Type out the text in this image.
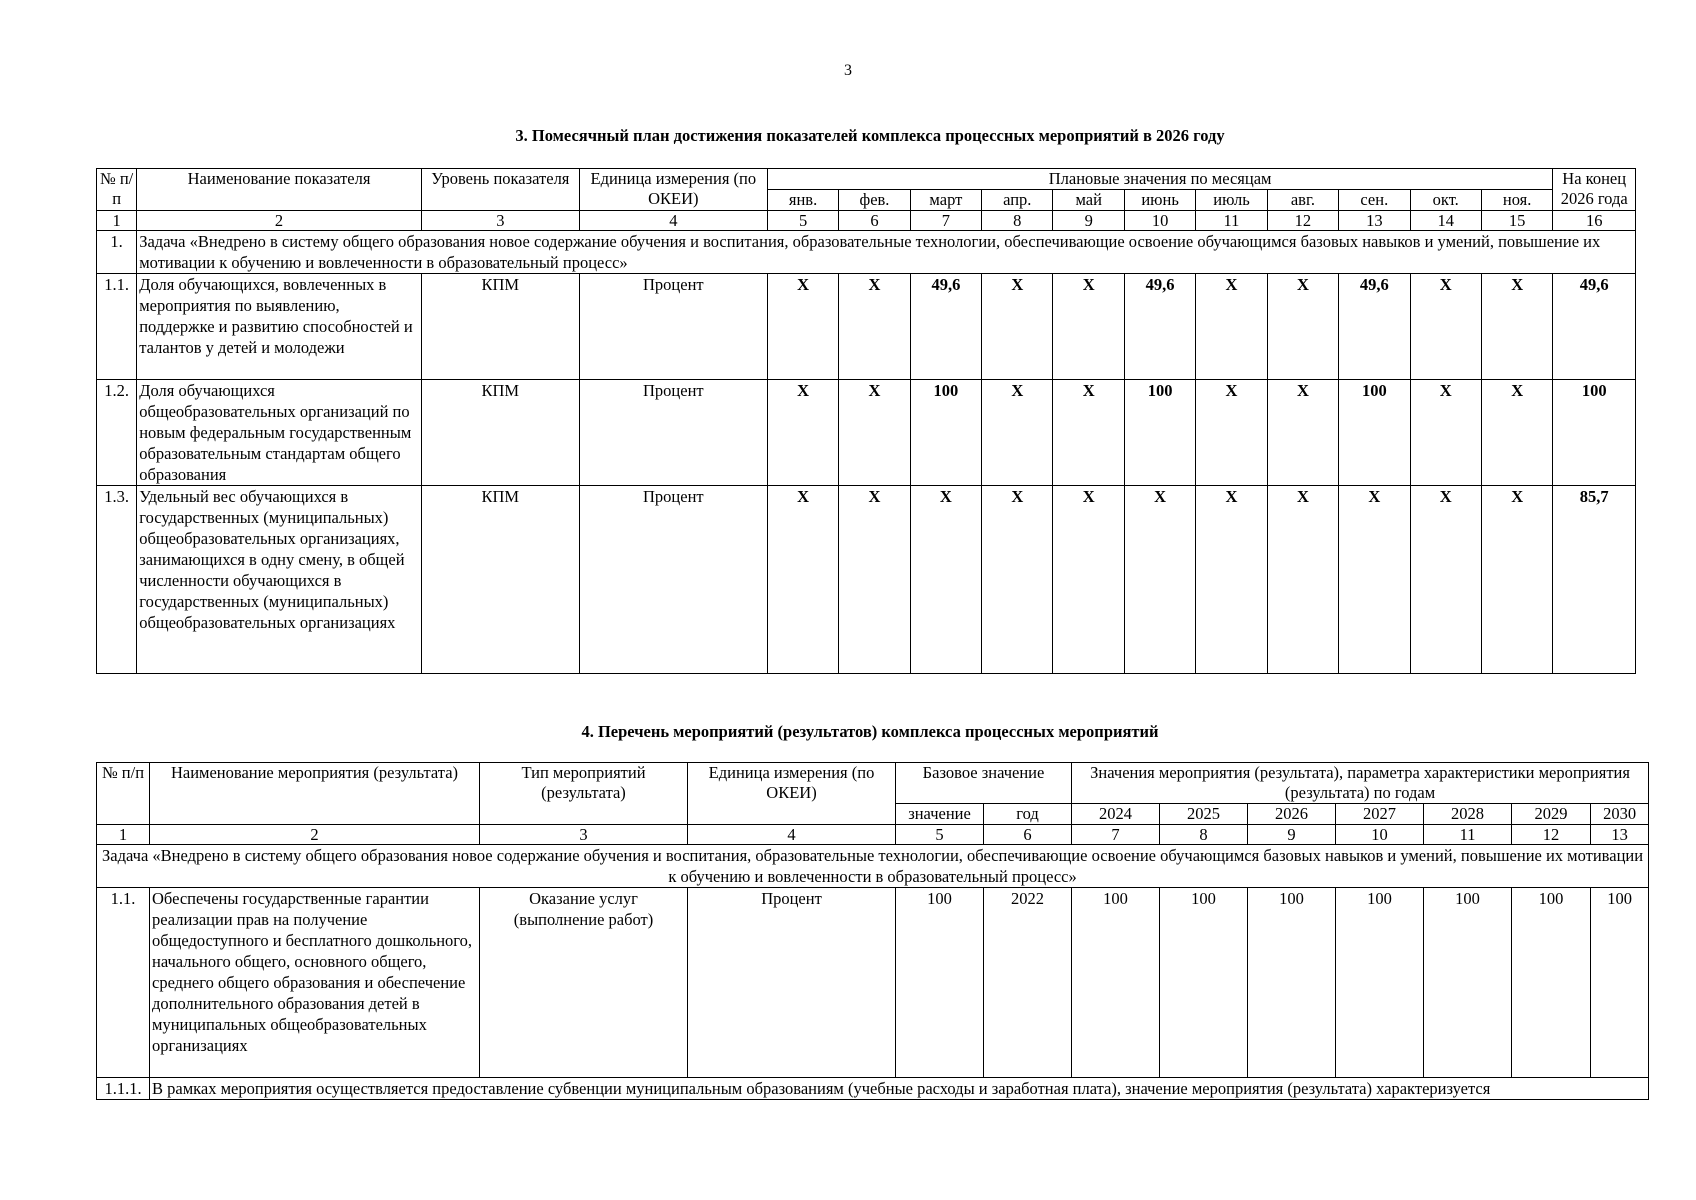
3
3. Помесячный план достижения показателей комплекса процессных мероприятий в 2026 году
№ п/п	Наименование показателя	Уровень показателя	Единица измерения (по ОКЕИ)	Плановые значения по месяцам											На конец 2026 года
				янв.	фев.	март	апр.	май	июнь	июль	авг.	сен.	окт.	ноя.	
1	2	3	4	5	6	7	8	9	10	11	12	13	14	15	16
1.	Задача «Внедрено в систему общего образования новое содержание обучения и воспитания, образовательные технологии, обеспечивающие освоение обучающимся базовых навыков и умений, повышение их мотивации к обучению и вовлеченности в образовательный процесс»														
1.1.	Доля обучающихся, вовлеченных в мероприятия по выявлению, поддержке и развитию способностей и талантов у детей и молодежи	КПМ	Процент	X	X	49,6	X	X	49,6	X	X	49,6	X	X	49,6
1.2.	Доля обучающихся общеобразовательных организаций по новым федеральным государственным образовательным стандартам общего образования	КПМ	Процент	X	X	100	X	X	100	X	X	100	X	X	100
1.3.	Удельный вес обучающихся в государственных (муниципальных) общеобразовательных организациях, занимающихся в одну смену, в общей численности обучающихся в государственных (муниципальных) общеобразовательных организациях	КПМ	Процент	X	X	X	X	X	X	X	X	X	X	X	85,7
4. Перечень мероприятий (результатов) комплекса процессных мероприятий
№ п/п	Наименование мероприятия (результата)	Тип мероприятий (результата)	Единица измерения (по ОКЕИ)	Базовое значение		Значения мероприятия (результата), параметра характеристики мероприятия (результата) по годам						
				значение	год	2024	2025	2026	2027	2028	2029	2030
1	2	3	4	5	6	7	8	9	10	11	12	13
Задача «Внедрено в систему общего образования новое содержание обучения и воспитания, образовательные технологии, обеспечивающие освоение обучающимся базовых навыков и умений, повышение их мотивации к обучению и вовлеченности в образовательный процесс»												
1.1.	Обеспечены государственные гарантии реализации прав на получение общедоступного и бесплатного дошкольного, начального общего, основного общего, среднего общего образования и обеспечение дополнительного образования детей в муниципальных общеобразовательных организациях	Оказание услуг (выполнение работ)	Процент	100	2022	100	100	100	100	100	100	100
1.1.1.	В рамках мероприятия осуществляется предоставление субвенции муниципальным образованиям (учебные расходы и заработная плата), значение мероприятия (результата) характеризуется											
